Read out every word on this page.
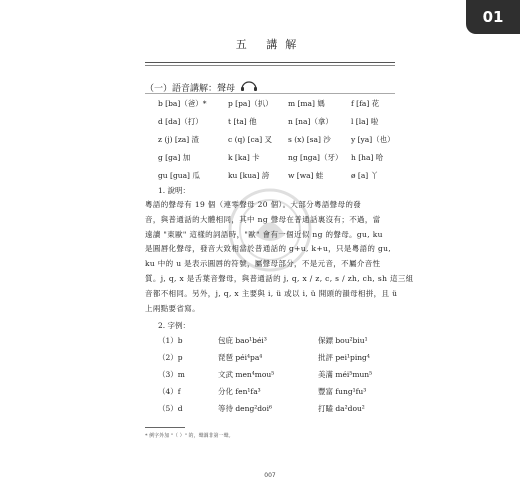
01
五 講解
（一）語音講解：聲母
b [ba]（爸）*	p [pa]（扒）	m [ma] 媽	f [fa] 花
d [da]（打）	t [ta] 他	n [na]（拿）	l [la] 啦
z (j) [za] 渣	c (q) [ca] 叉	s (x) [sa] 沙	y [ya]（也）
g [ga] 加	k [ka] 卡	ng [nga]（牙）	h [ha] 哈
gu [gua] 瓜	ku [kua] 誇	w [wa] 蛙	ø [a] 丫
1. 說明：
粵語的聲母有 19 個（連零聲母 20 個）。大部分粵語聲母的發
音，與普通話的大體相同，其中 ng 聲母在普通話裏沒有；不過，當
遠讀 "東歐" 這樣的詞語時，"歐" 會有一個近似 ng 的聲母。gu, ku
是圓唇化聲母，發音大致相當於普通話的 g+u, k+u，只是粵語的 gu,
ku 中的 u 是表示圓唇的符號，屬聲母部分，不是元音，不屬介音性
質。j, q, x 是舌葉音聲母，與普通話的 j, q, x / z, c, s / zh, ch, sh 這三組
音都不相同。另外，j, q, x 主要與 i, ü 或以 i, ü 開頭的韻母相拼，且 ü
上兩點要省寫。
2. 字例：
（1）b	包庇 bao¹béi³	保鏢 bou²biu¹
（2）p	琵琶 péi⁴pa⁴	批評 pei¹ping⁴
（3）m	文武 men⁴mou⁵	美滿 méi⁵mun⁵
（4）f	分化 fen¹fa³	豐富 fung¹fu³
（5）d	等待 deng²doi⁶	打瞌 da²dou²
* 例字外加 "（ ）" 的，聲調非第一聲。
007
